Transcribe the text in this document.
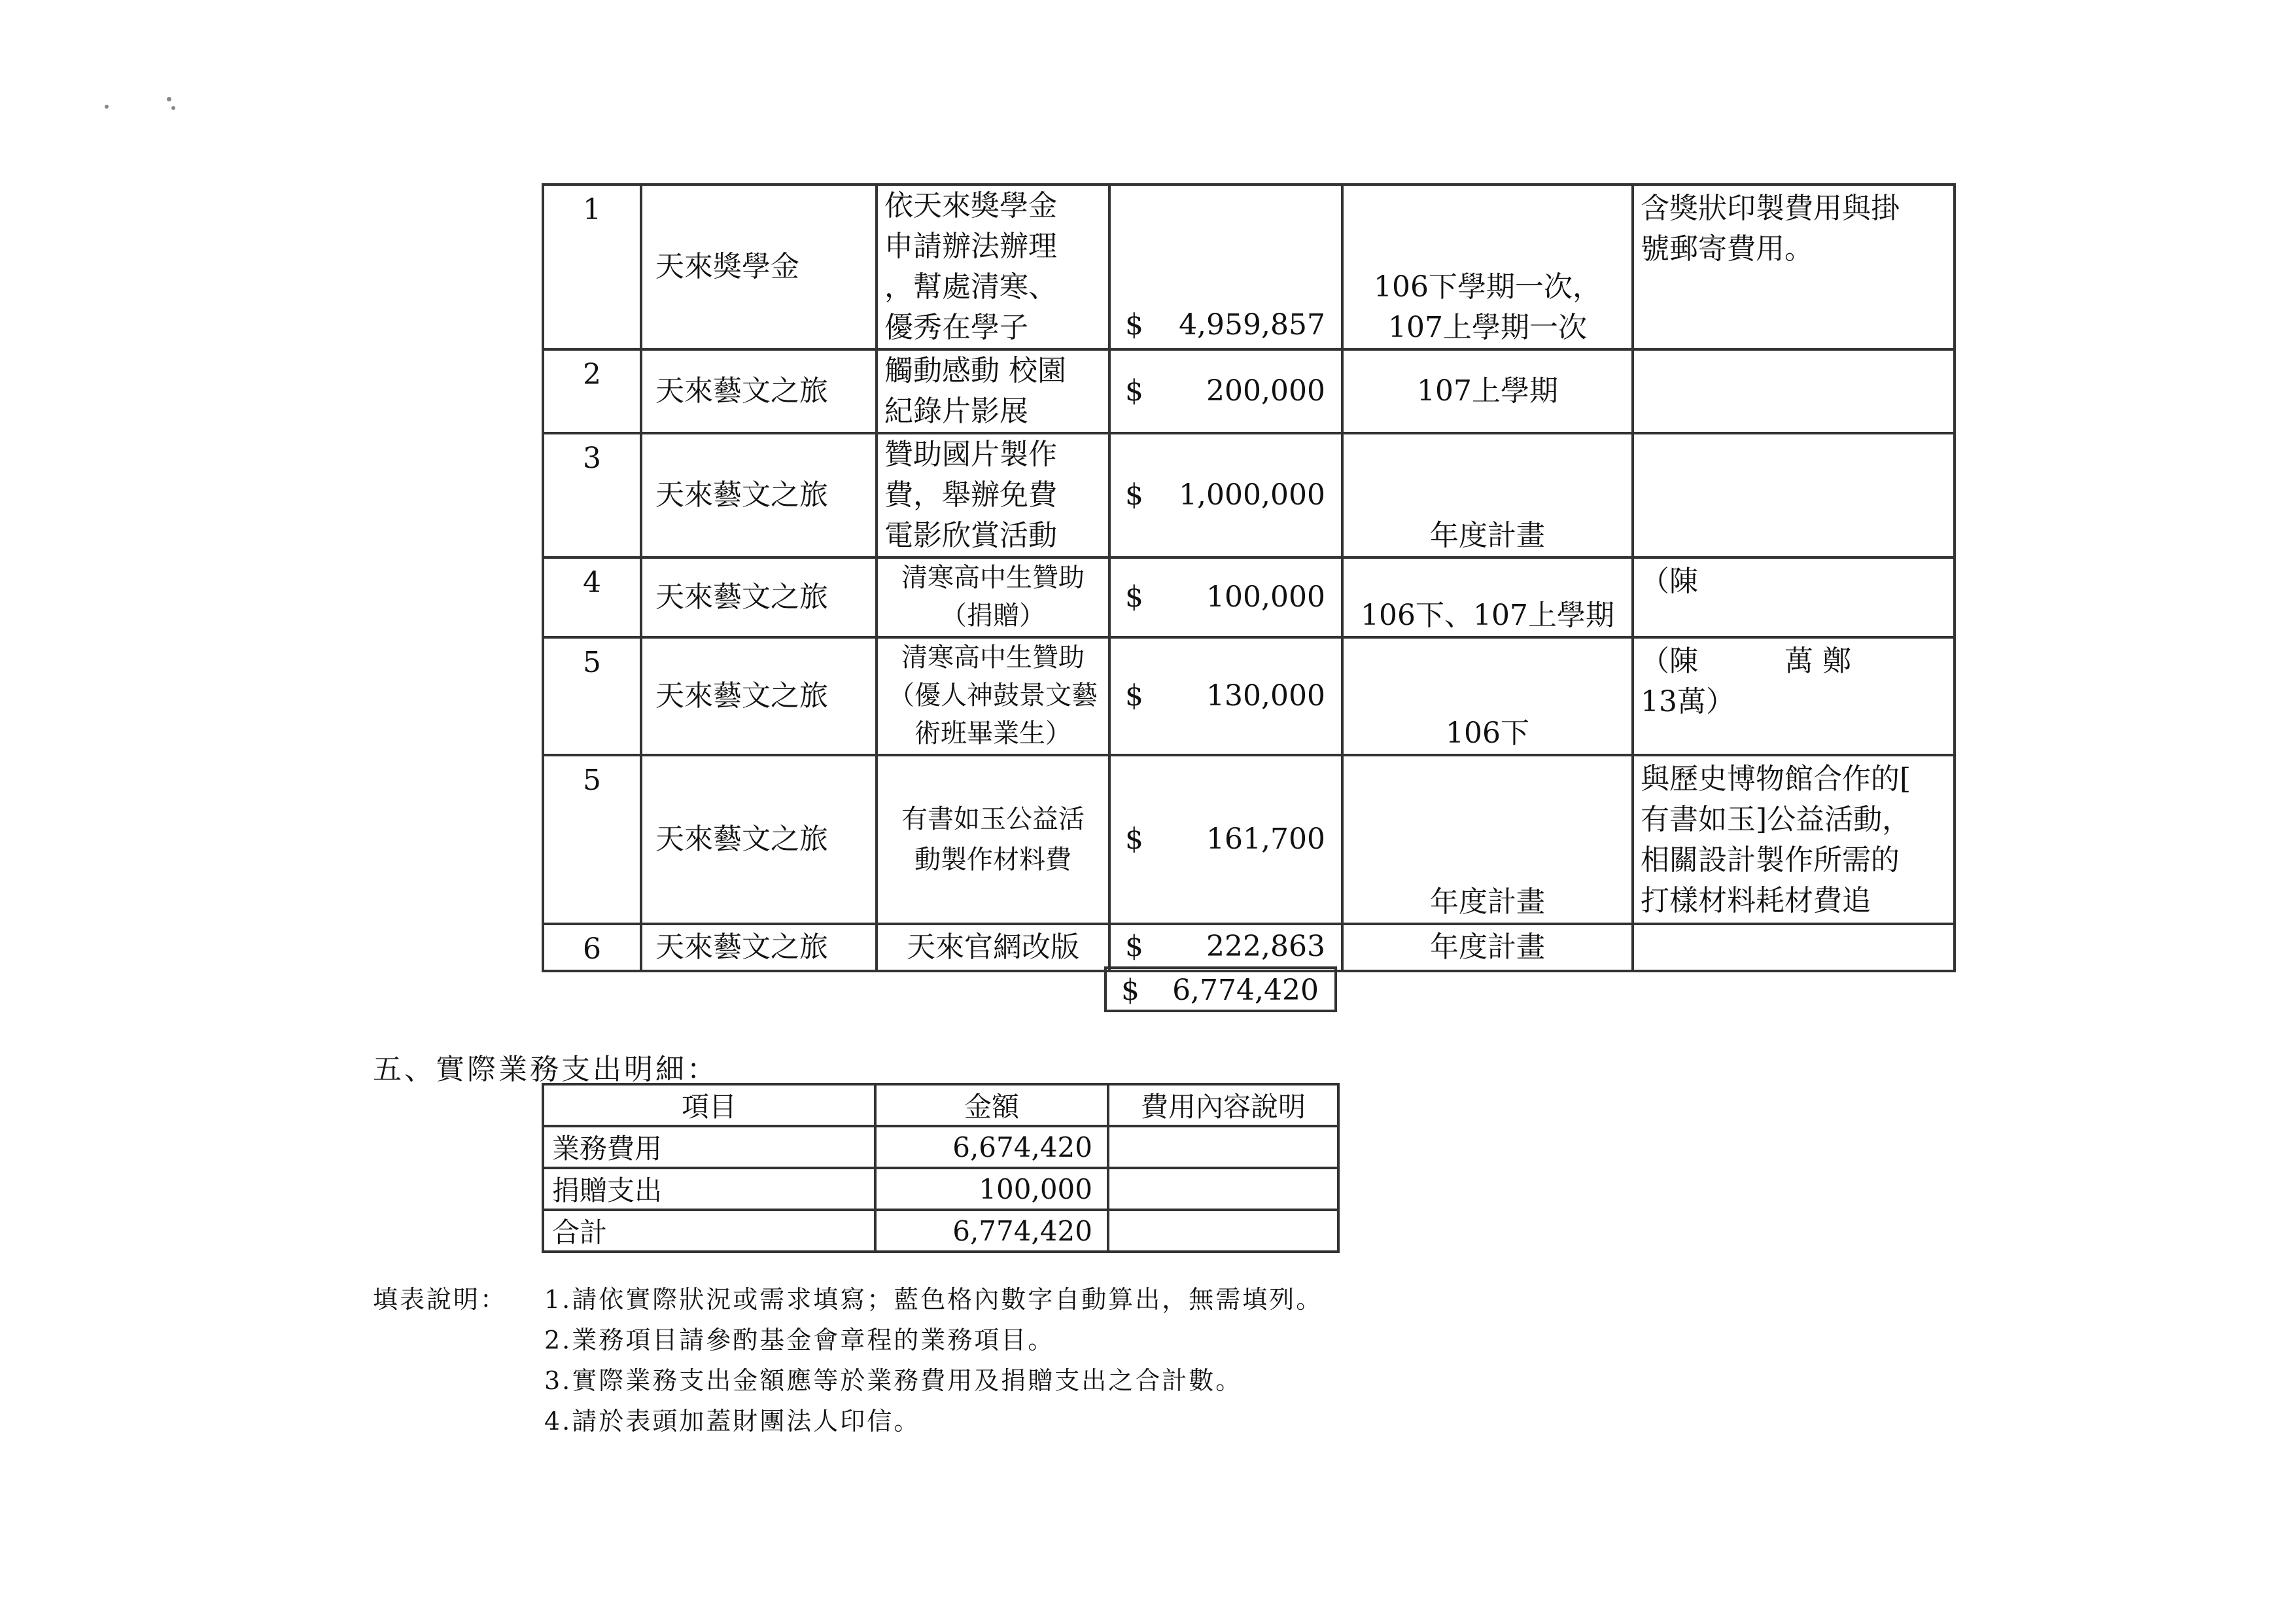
1	天來獎學金	依天來獎學金
申請辦法辦理
，幫處清寒、
優秀在學子	$ 4,959,857	106下學期一次，
107上學期一次	含獎狀印製費用與掛
號郵寄費用。
2	天來藝文之旅	觸動感動 校園
紀錄片影展	$ 200,000	107上學期	
3	天來藝文之旅	贊助國片製作
費，舉辦免費
電影欣賞活動	$ 1,000,000	年度計畫	
4	天來藝文之旅	清寒高中生贊助
（捐贈）	$ 100,000	106下、107上學期	（陳
5	天來藝文之旅	清寒高中生贊助
（優人神鼓景文藝
術班畢業生）	$ 130,000	106下	（陳　　　萬 鄭
13萬）
5	天來藝文之旅	有書如玉公益活
動製作材料費	$ 161,700	年度計畫	與歷史博物館合作的[
有書如玉]公益活動，
相關設計製作所需的
打樣材料耗材費追
6	天來藝文之旅	天來官網改版	$ 222,863	年度計畫	
$ 6,774,420
五、實際業務支出明細：
項目	金額	費用內容說明
業務費用	6,674,420	
捐贈支出	100,000	
合計	6,774,420	
填表說明： 1.請依實際狀況或需求填寫；藍色格內數字自動算出，無需填列。
2.業務項目請參酌基金會章程的業務項目。
3.實際業務支出金額應等於業務費用及捐贈支出之合計數。
4.請於表頭加蓋財團法人印信。
